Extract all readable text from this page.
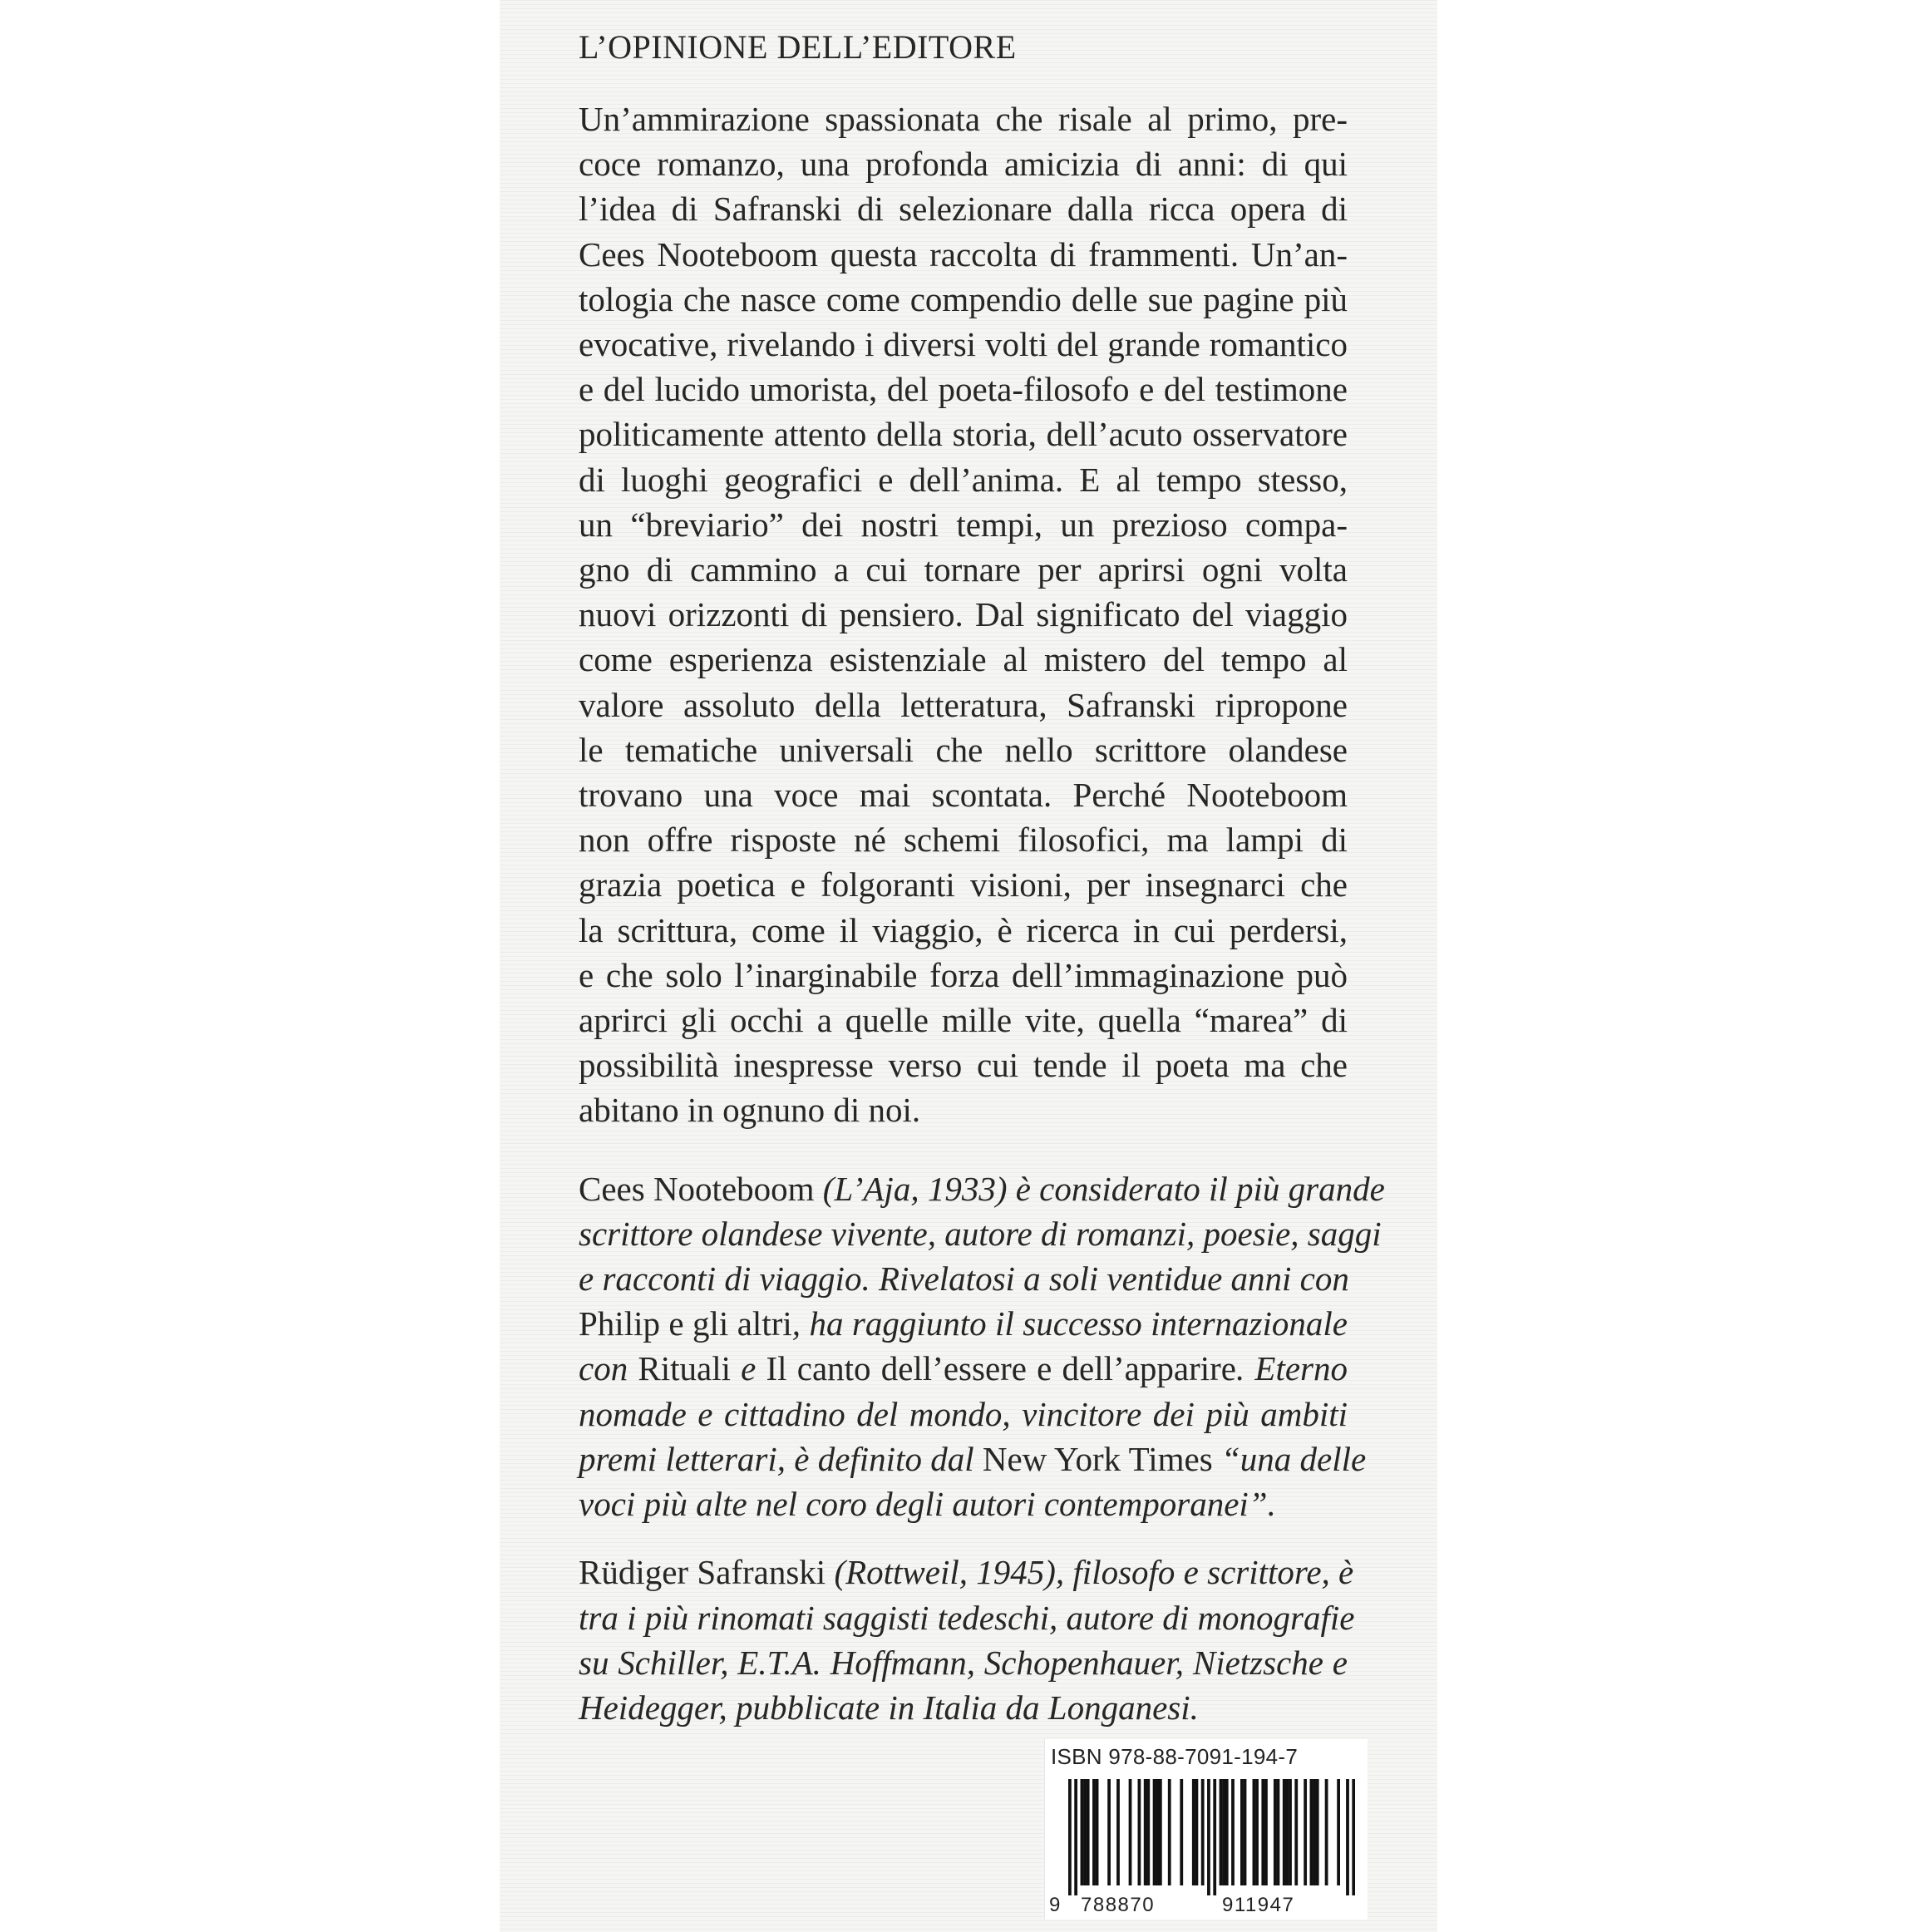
L’OPINIONE DELL’EDITORE
Un’ammirazione spassionata che risale al primo, pre-
coce romanzo, una profonda amicizia di anni: di qui
l’idea di Safranski di selezionare dalla ricca opera di
Cees Nooteboom questa raccolta di frammenti. Un’an-
tologia che nasce come compendio delle sue pagine più
evocative, rivelando i diversi volti del grande romantico
e del lucido umorista, del poeta-filosofo e del testimone
politicamente attento della storia, dell’acuto osservatore
di luoghi geografici e dell’anima. E al tempo stesso,
un “breviario” dei nostri tempi, un prezioso compa-
gno di cammino a cui tornare per aprirsi ogni volta
nuovi orizzonti di pensiero. Dal significato del viaggio
come esperienza esistenziale al mistero del tempo al
valore assoluto della letteratura, Safranski ripropone
le tematiche universali che nello scrittore olandese
trovano una voce mai scontata. Perché Nooteboom
non offre risposte né schemi filosofici, ma lampi di
grazia poetica e folgoranti visioni, per insegnarci che
la scrittura, come il viaggio, è ricerca in cui perdersi,
e che solo l’inarginabile forza dell’immaginazione può
aprirci gli occhi a quelle mille vite, quella “marea” di
possibilità inespresse verso cui tende il poeta ma che
abitano in ognuno di noi.
Cees Nooteboom (L’Aja, 1933) è considerato il più grande
scrittore olandese vivente, autore di romanzi, poesie, saggi
e racconti di viaggio. Rivelatosi a soli ventidue anni con
Philip e gli altri, ha raggiunto il successo internazionale
con Rituali e Il canto dell’essere e dell’apparire. Eterno
nomade e cittadino del mondo, vincitore dei più ambiti
premi letterari, è definito dal New York Times “una delle
voci più alte nel coro degli autori contemporanei”.
Rüdiger Safranski (Rottweil, 1945), filosofo e scrittore, è
tra i più rinomati saggisti tedeschi, autore di monografie
su Schiller, E.T.A. Hoffmann, Schopenhauer, Nietzsche e
Heidegger, pubblicate in Italia da Longanesi.
ISBN 978-88-7091-194-7
9 788870	911947
